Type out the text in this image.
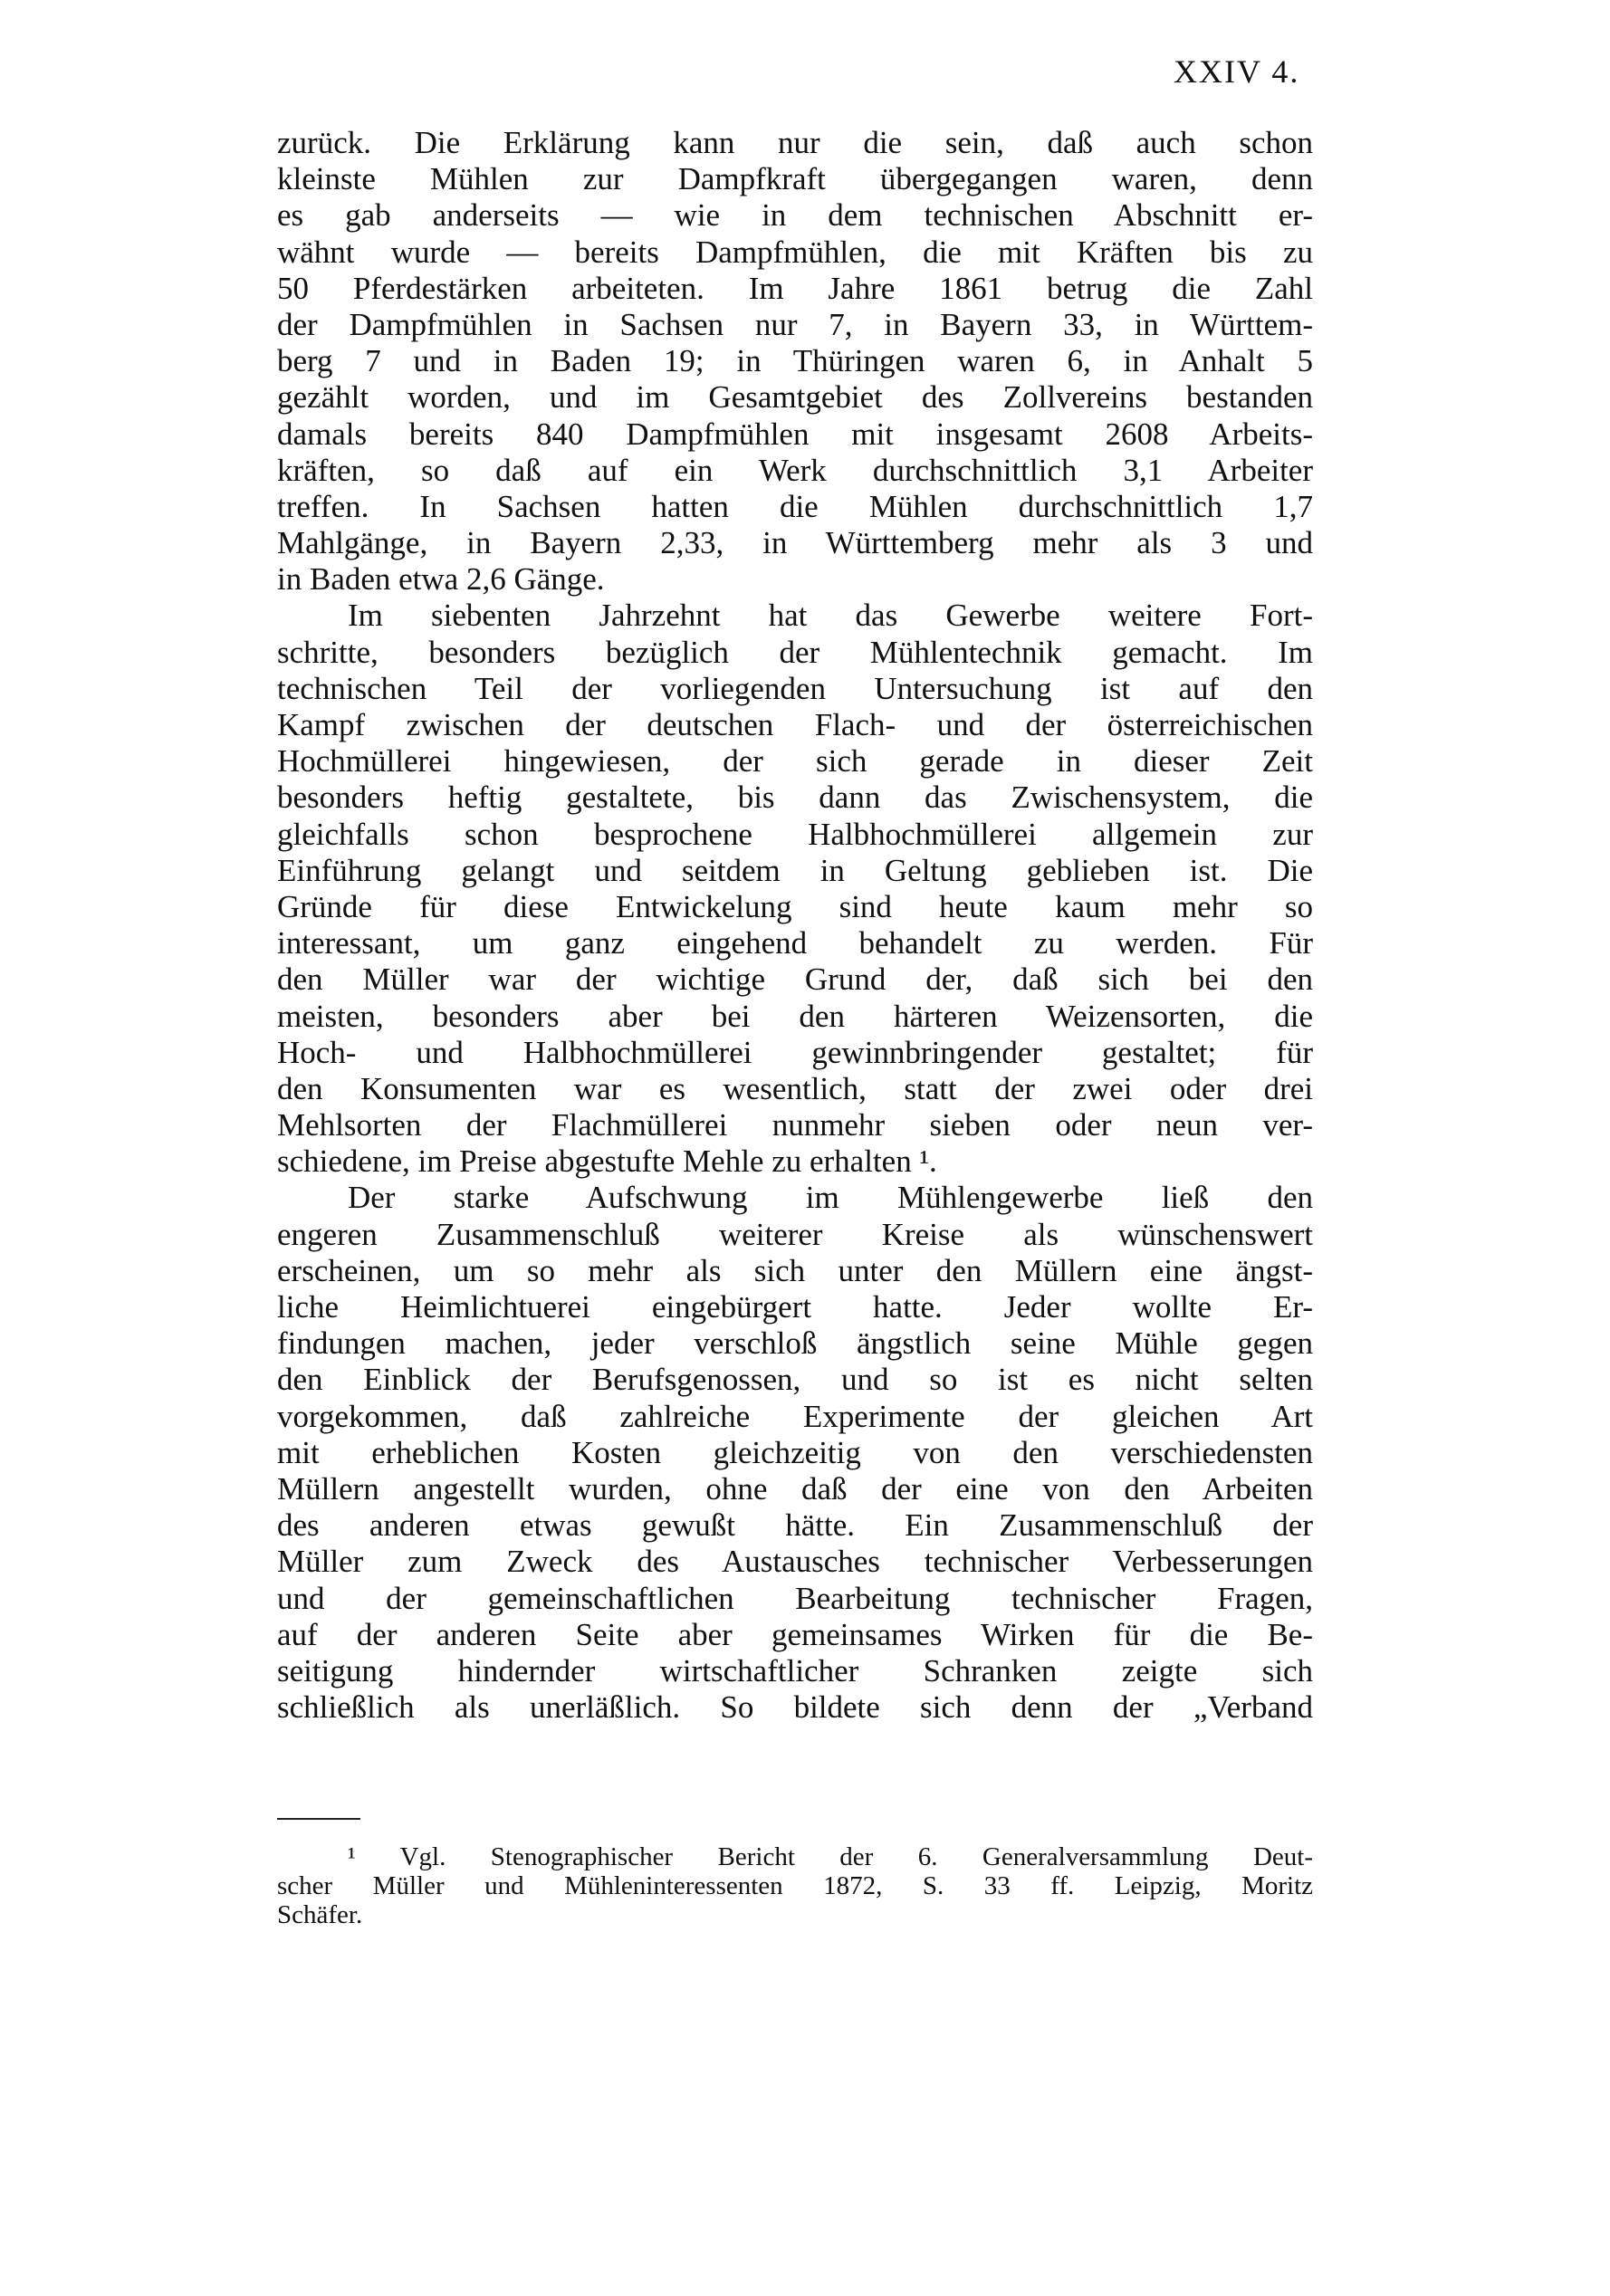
XXIV 4.
zurück. Die Erklärung kann nur die sein, daß auch schon
kleinste Mühlen zur Dampfkraft übergegangen waren, denn
es gab anderseits — wie in dem technischen Abschnitt er-
wähnt wurde — bereits Dampfmühlen, die mit Kräften bis zu
50 Pferdestärken arbeiteten. Im Jahre 1861 betrug die Zahl
der Dampfmühlen in Sachsen nur 7, in Bayern 33, in Württem-
berg 7 und in Baden 19; in Thüringen waren 6, in Anhalt 5
gezählt worden, und im Gesamtgebiet des Zollvereins bestanden
damals bereits 840 Dampfmühlen mit insgesamt 2608 Arbeits-
kräften, so daß auf ein Werk durchschnittlich 3,1 Arbeiter
treffen. In Sachsen hatten die Mühlen durchschnittlich 1,7
Mahlgänge, in Bayern 2,33, in Württemberg mehr als 3 und
in Baden etwa 2,6 Gänge.
Im siebenten Jahrzehnt hat das Gewerbe weitere Fort-
schritte, besonders bezüglich der Mühlentechnik gemacht. Im
technischen Teil der vorliegenden Untersuchung ist auf den
Kampf zwischen der deutschen Flach- und der österreichischen
Hochmüllerei hingewiesen, der sich gerade in dieser Zeit
besonders heftig gestaltete, bis dann das Zwischensystem, die
gleichfalls schon besprochene Halbhochmüllerei allgemein zur
Einführung gelangt und seitdem in Geltung geblieben ist. Die
Gründe für diese Entwickelung sind heute kaum mehr so
interessant, um ganz eingehend behandelt zu werden. Für
den Müller war der wichtige Grund der, daß sich bei den
meisten, besonders aber bei den härteren Weizensorten, die
Hoch- und Halbhochmüllerei gewinnbringender gestaltet; für
den Konsumenten war es wesentlich, statt der zwei oder drei
Mehlsorten der Flachmüllerei nunmehr sieben oder neun ver-
schiedene, im Preise abgestufte Mehle zu erhalten ¹.
Der starke Aufschwung im Mühlengewerbe ließ den
engeren Zusammenschluß weiterer Kreise als wünschenswert
erscheinen, um so mehr als sich unter den Müllern eine ängst-
liche Heimlichtuerei eingebürgert hatte. Jeder wollte Er-
findungen machen, jeder verschloß ängstlich seine Mühle gegen
den Einblick der Berufsgenossen, und so ist es nicht selten
vorgekommen, daß zahlreiche Experimente der gleichen Art
mit erheblichen Kosten gleichzeitig von den verschiedensten
Müllern angestellt wurden, ohne daß der eine von den Arbeiten
des anderen etwas gewußt hätte. Ein Zusammenschluß der
Müller zum Zweck des Austausches technischer Verbesserungen
und der gemeinschaftlichen Bearbeitung technischer Fragen,
auf der anderen Seite aber gemeinsames Wirken für die Be-
seitigung hindernder wirtschaftlicher Schranken zeigte sich
schließlich als unerläßlich. So bildete sich denn der „Verband
¹ Vgl. Stenographischer Bericht der 6. Generalversammlung Deut-
scher Müller und Mühleninteressenten 1872, S. 33 ff. Leipzig, Moritz
Schäfer.
